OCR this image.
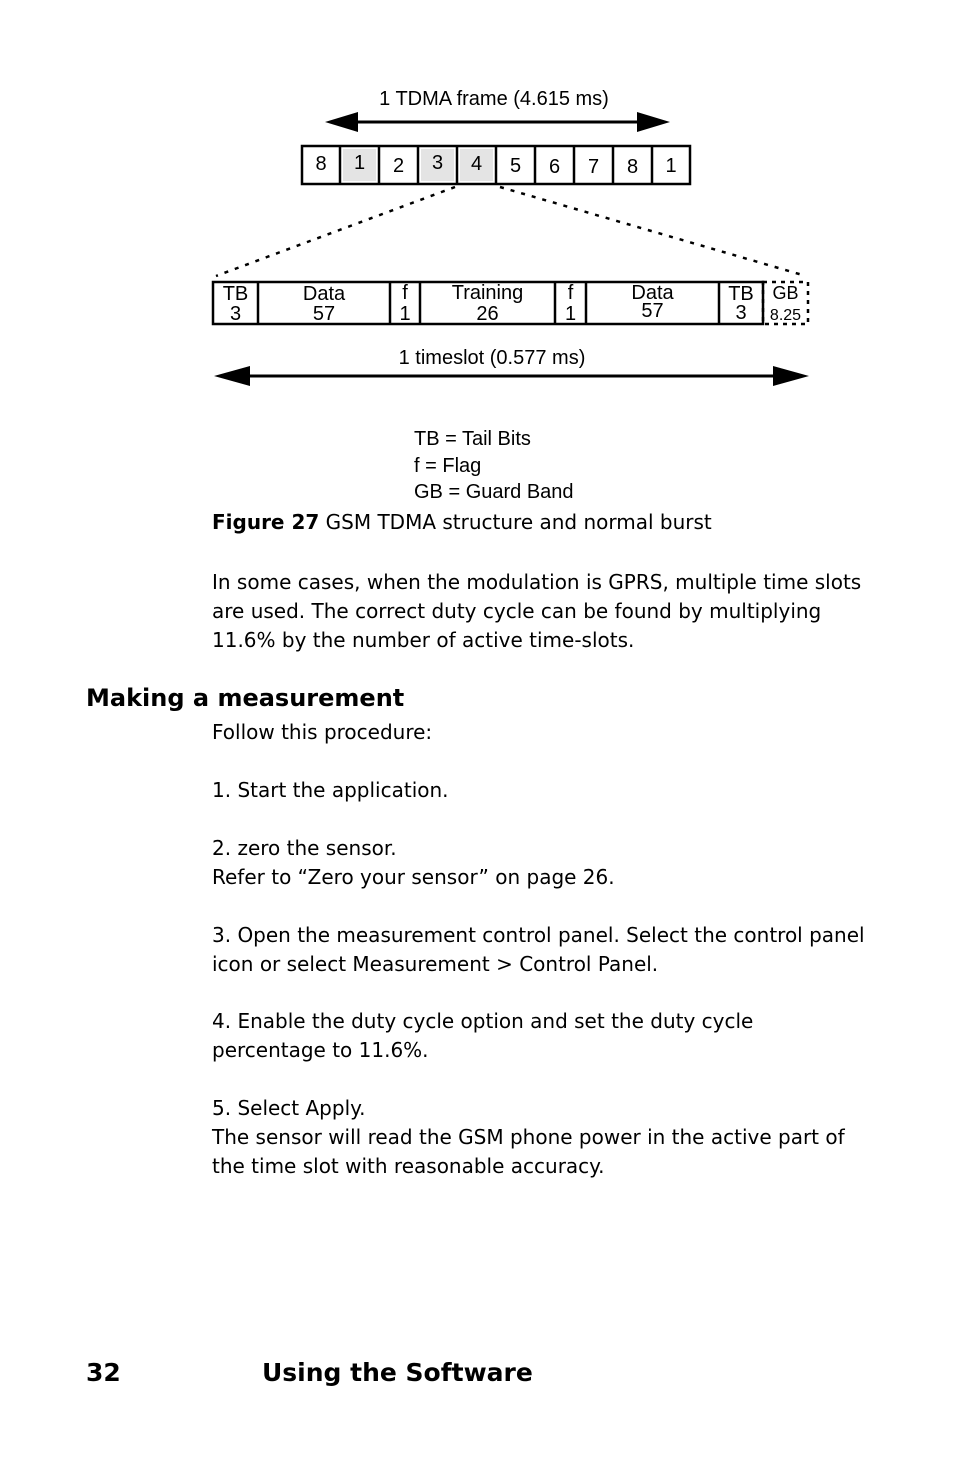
1 TDMA frame (4.615 ms)
8 1 2 3 4 5 6 7 8 1
TB
3
Data
57
f
1
Training
26
f
1
Data
57
TB
3
GB
8.25
1 timeslot (0.577 ms)
TB = Tail Bits
f = Flag
GB = Guard Band
Figure 27 GSM TDMA structure and normal burst

In some cases, when the modulation is GPRS, multiple time slots are used. The correct duty cycle can be found by multiplying 11.6% by the number of active time-slots.

Making a measurement

Follow this procedure:

1. Start the application.

2. zero the sensor.

Refer to “Zero your sensor” on page 26.

3. Open the measurement control panel. Select the control panel icon or select Measurement > Control Panel.

4. Enable the duty cycle option and set the duty cycle percentage to 11.6%.

5. Select Apply.

The sensor will read the GSM phone power in the active part of the time slot with reasonable accuracy.

32	Using the Software
